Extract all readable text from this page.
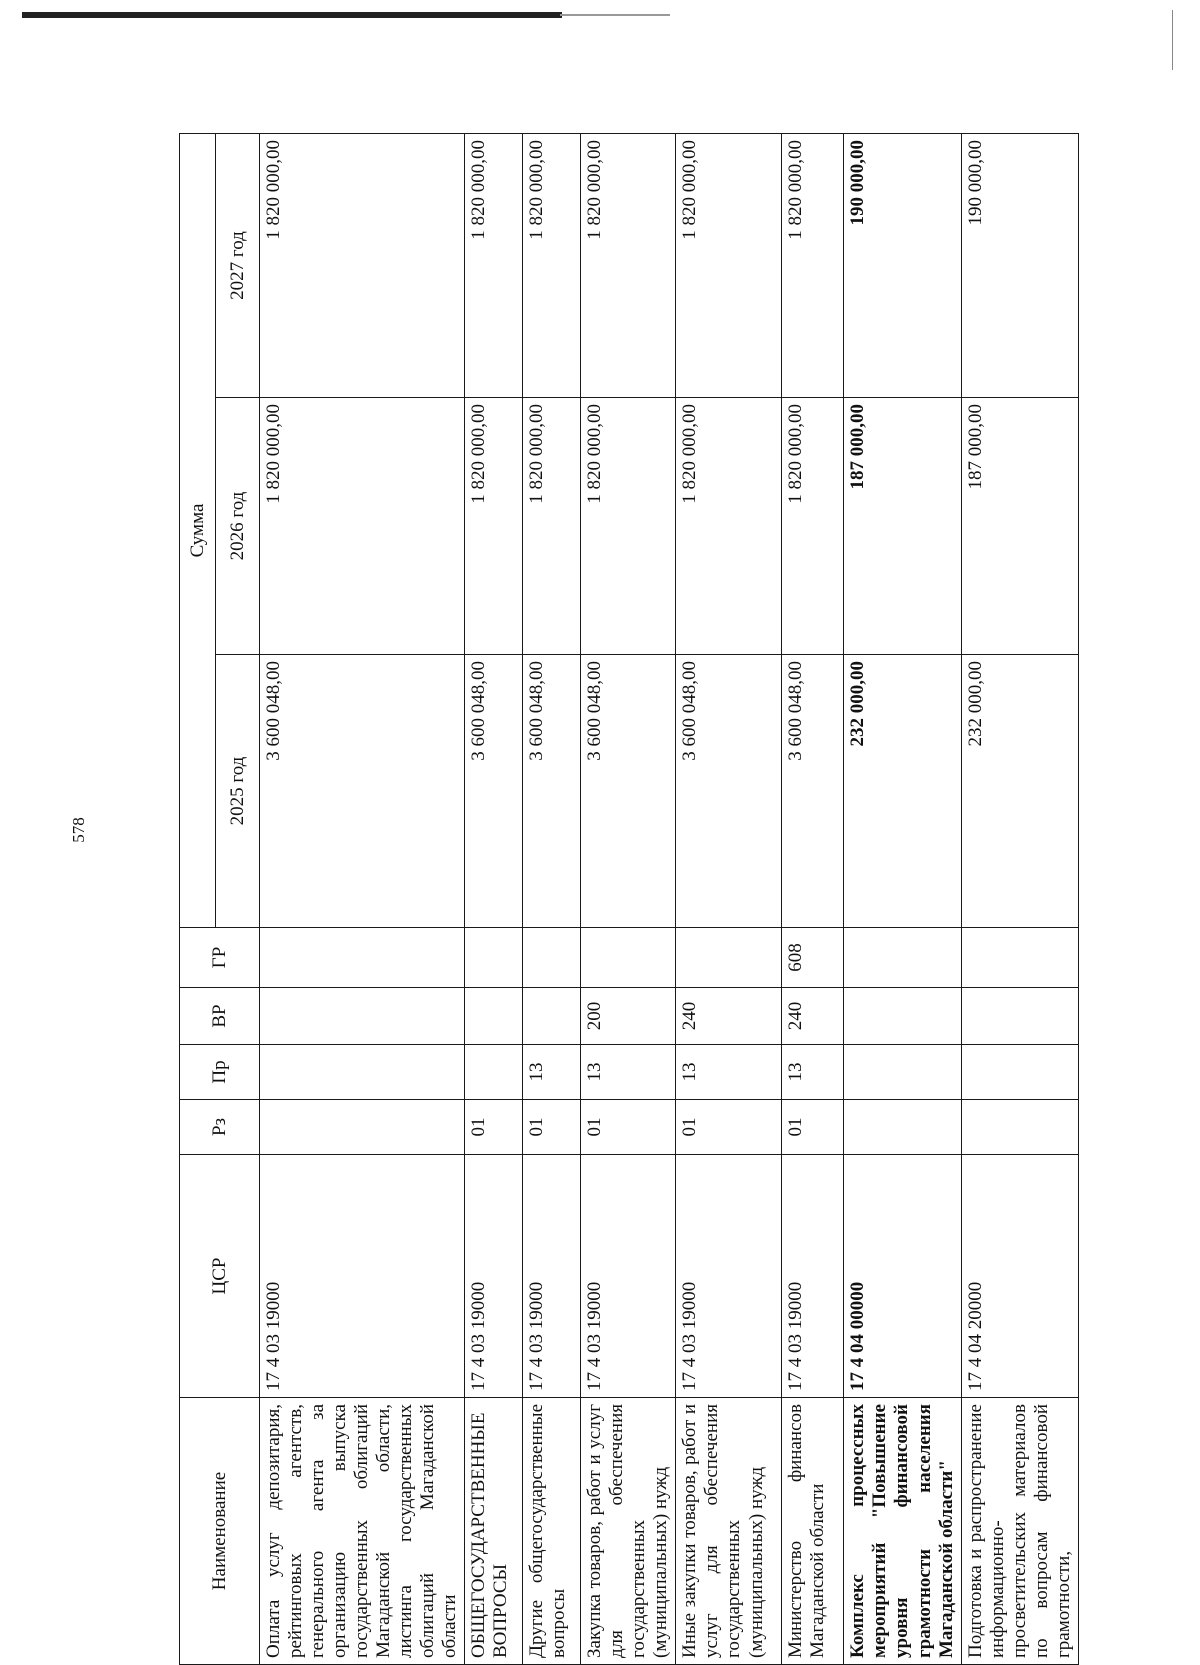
578
Наименование	ЦСР	Рз	Пр	ВР	ГР	Сумма		
						2025 год	2026 год	2027 год
Оплата услуг депозитария, рейтинговых агентств, генерального агента за организацию выпуска государственных облигаций Магаданской области, листинга государственных облигаций Магаданской области	17 4 03 19000					3 600 048,00	1 820 000,00	1 820 000,00
ОБЩЕГОСУДАРСТВЕННЫЕ ВОПРОСЫ	17 4 03 19000	01				3 600 048,00	1 820 000,00	1 820 000,00
Другие общегосударственные вопросы	17 4 03 19000	01	13			3 600 048,00	1 820 000,00	1 820 000,00
Закупка товаров, работ и услуг для обеспечения государственных (муниципальных) нужд	17 4 03 19000	01	13	200		3 600 048,00	1 820 000,00	1 820 000,00
Иные закупки товаров, работ и услуг для обеспечения государственных (муниципальных) нужд	17 4 03 19000	01	13	240		3 600 048,00	1 820 000,00	1 820 000,00
Министерство финансов Магаданской области	17 4 03 19000	01	13	240	608	3 600 048,00	1 820 000,00	1 820 000,00
Комплекс процессных мероприятий "Повышение уровня финансовой грамотности населения Магаданской области"	17 4 04 00000					232 000,00	187 000,00	190 000,00
Подготовка и распространение информационно-просветительских материалов по вопросам финансовой грамотности,	17 4 04 20000					232 000,00	187 000,00	190 000,00
